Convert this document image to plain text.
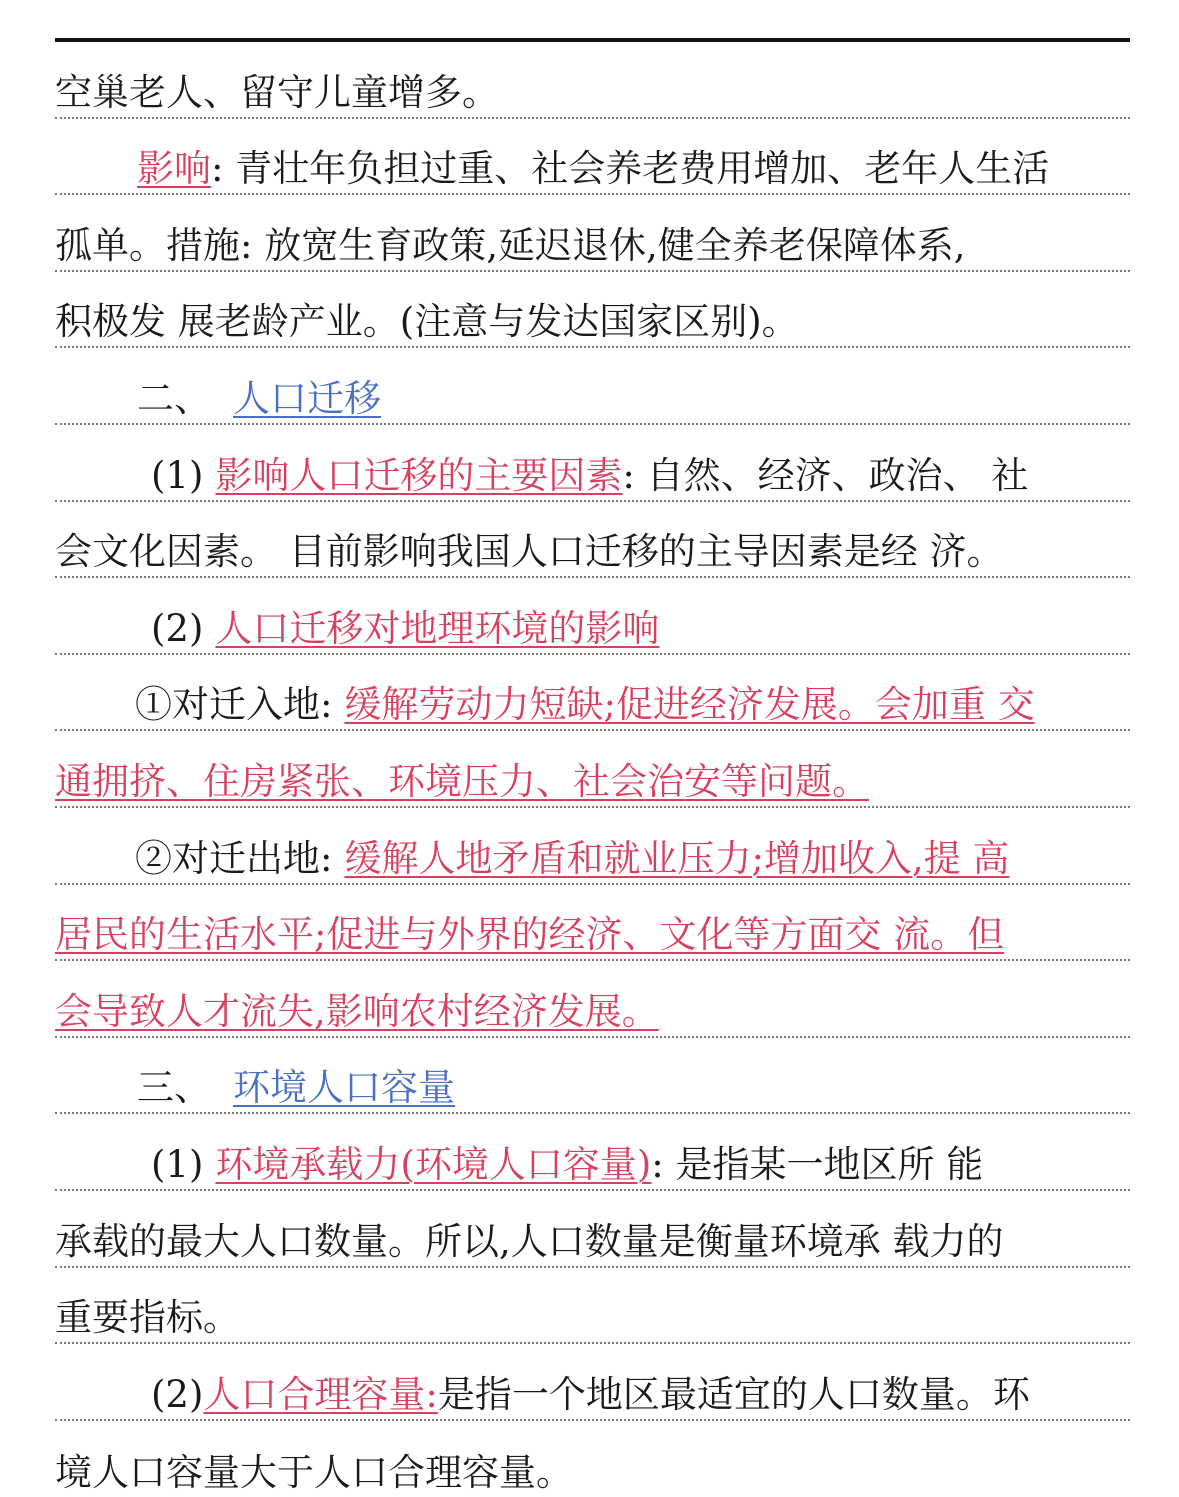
空巢老人、留守儿童增多。
影响 : 青壮年负担过重、社会养老费用增加、老年人生活
孤单。措施: 放宽生育政策,延迟退休,健全养老保障体系,
积极发 展老龄产业。(注意与发达国家区别)。
二、 人口迁移
(1) 影响人口迁移的主要因素 : 自然、经济、政治、 社
会文化因素。 目前影响我国人口迁移的主导因素是经 济。
(2) 人口迁移对地理环境的影响
①对迁入地: 缓解劳动力短缺;促进经济发展。会加重 交
通拥挤、住房紧张、环境压力、社会治安等问题。
②对迁出地: 缓解人地矛盾和就业压力;增加收入,提 高
居民的生活水平;促进与外界的经济、文化等方面交 流。但
会导致人才流失,影响农村经济发展。
三、 环境人口容量
(1) 环境承载力(环境人口容量) : 是指某一地区所 能
承载的最大人口数量。所以,人口数量是衡量环境承 载力的
重要指标。
(2) 人口合理容量: 是指一个地区最适宜的人口数量。环
境人口容量大于人口合理容量。
